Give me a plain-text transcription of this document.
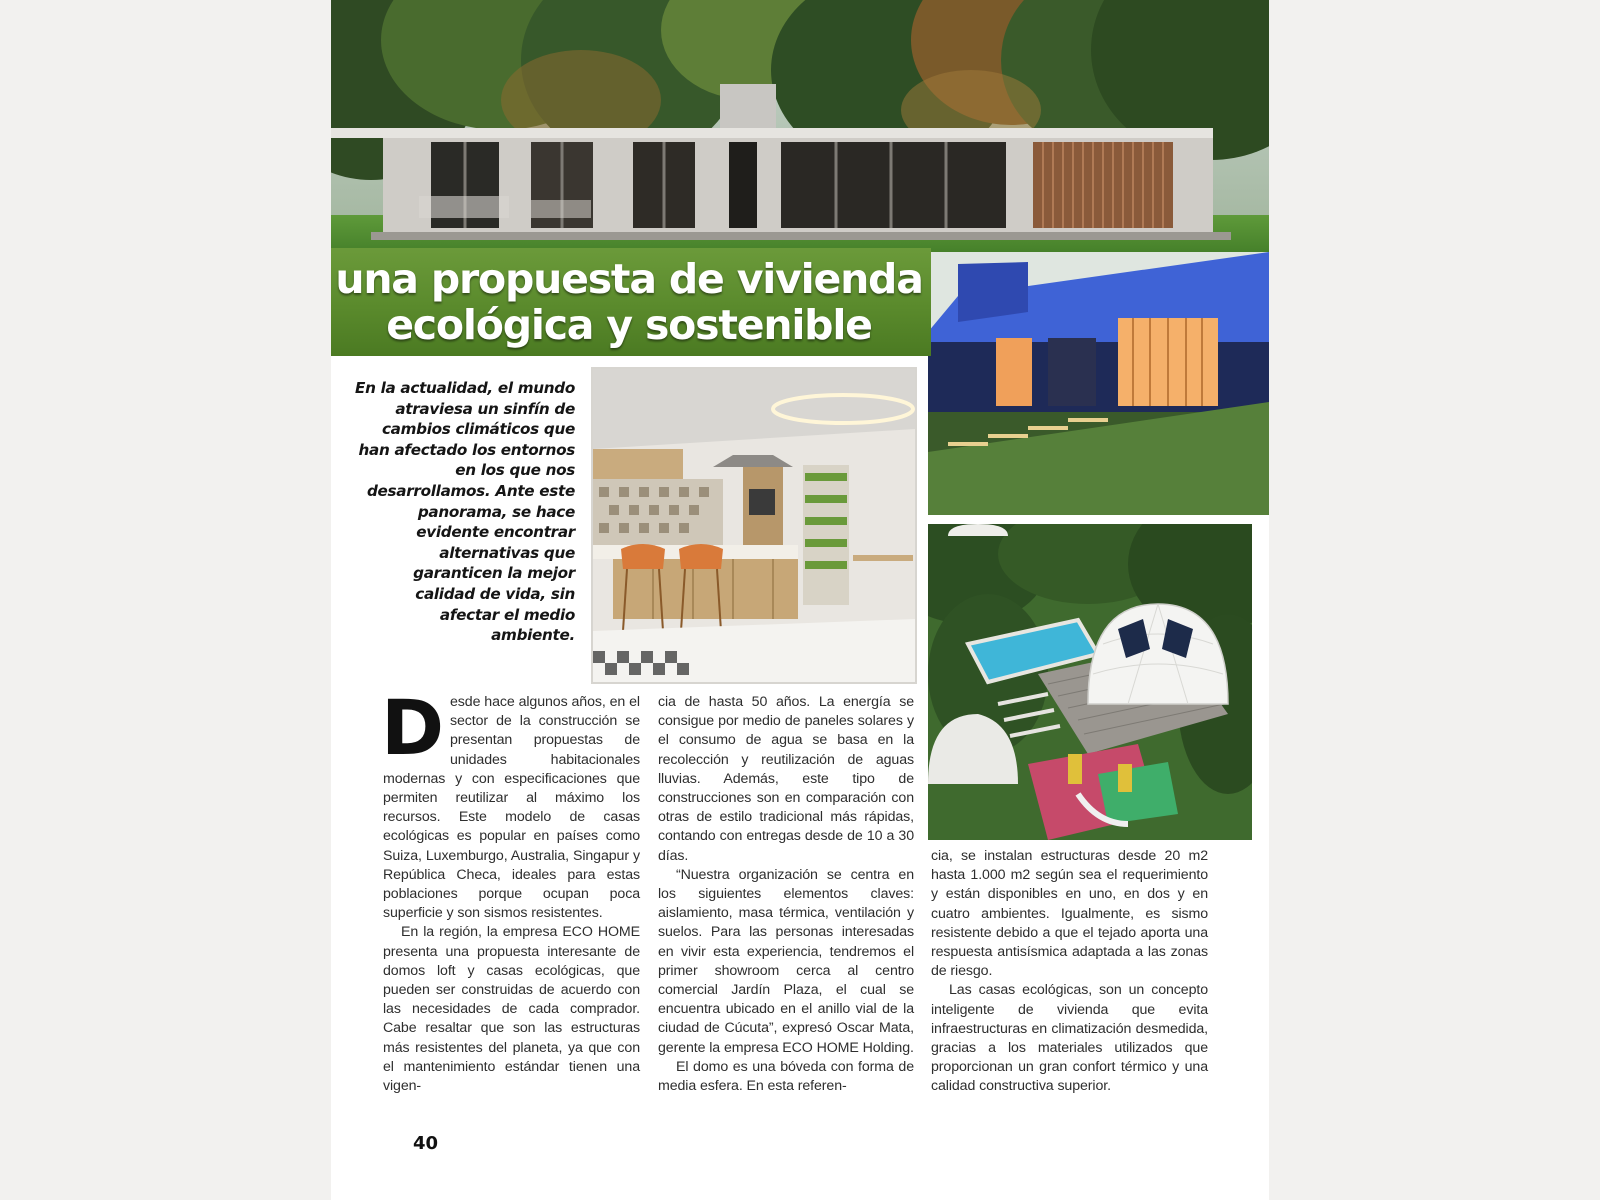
una propuesta de vivienda
ecológica y sostenible

En la actualidad, el mundo atraviesa un sinfín de cambios climáticos que han afectado los entornos en los que nos desarrollamos. Ante este panorama, se hace evidente encontrar alternativas que garanticen la mejor calidad de vida, sin afectar el medio ambiente.

Desde hace algunos años, en el sector de la construcción se presentan propuestas de unidades habitacionales modernas y con especificaciones que permiten reutilizar al máximo los recursos. Este modelo de casas ecológicas es popular en países como Suiza, Luxemburgo, Australia, Singapur y República Checa, ideales para estas poblaciones porque ocupan poca superficie y son sismos resistentes.

En la región, la empresa ECO HOME presenta una propuesta interesante de domos loft y casas ecológicas, que pueden ser construidas de acuerdo con las necesidades de cada comprador. Cabe resaltar que son las estructuras más resistentes del planeta, ya que con el mantenimiento estándar tienen una vigen-

cia de hasta 50 años. La energía se consigue por medio de paneles solares y el consumo de agua se basa en la recolección y reutilización de aguas lluvias. Además, este tipo de construcciones son en comparación con otras de estilo tradicional más rápidas, contando con entregas desde de 10 a 30 días.

“Nuestra organización se centra en los siguientes elementos claves: aislamiento, masa térmica, ventilación y suelos. Para las personas interesadas en vivir esta experiencia, tendremos el primer showroom cerca al centro comercial Jardín Plaza, el cual se encuentra ubicado en el anillo vial de la ciudad de Cúcuta”, expresó Oscar Mata, gerente la empresa ECO HOME Holding.

El domo es una bóveda con forma de media esfera. En esta referen-

cia, se instalan estructuras desde 20 m2 hasta 1.000 m2 según sea el requerimiento y están disponibles en uno, en dos y en cuatro ambientes. Igualmente, es sismo resistente debido a que el tejado aporta una respuesta antisísmica adaptada a las zonas de riesgo.

Las casas ecológicas, son un concepto inteligente de vivienda que evita infraestructuras en climatización desmedida, gracias a los materiales utilizados que proporcionan un gran confort térmico y una calidad constructiva superior.

40
